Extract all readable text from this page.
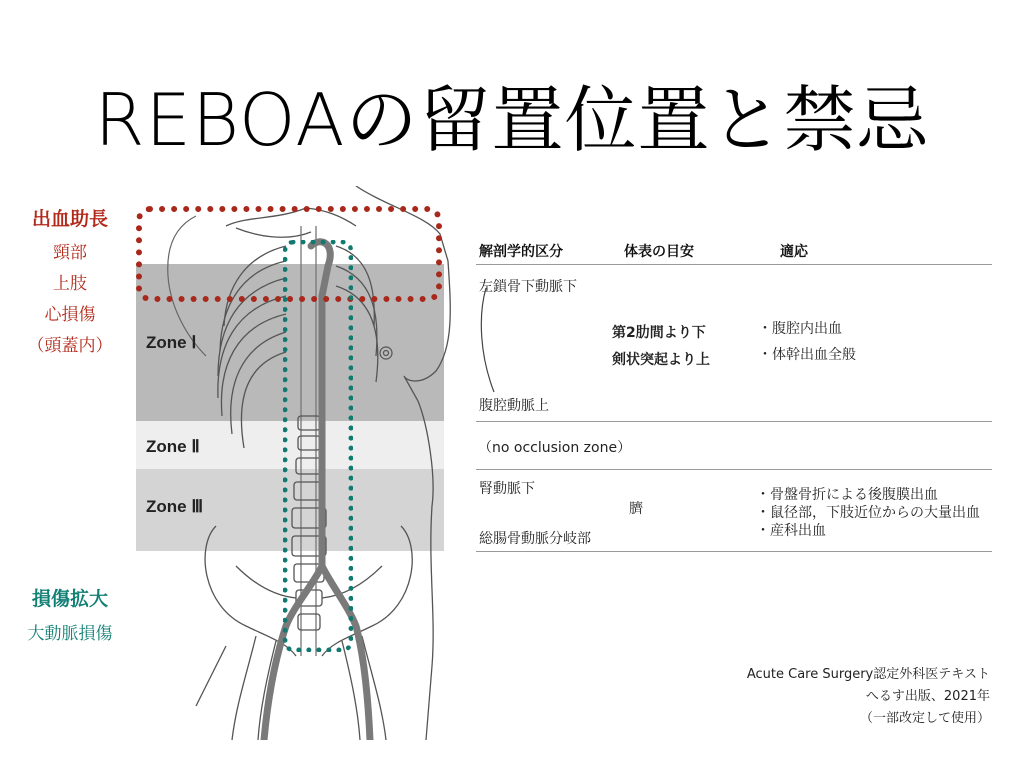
REBOAの留置位置と禁忌
Zone Ⅰ
Zone Ⅱ
Zone Ⅲ
出血助長
頸部
上肢
心損傷
（頭蓋内）
損傷拡大
大動脈損傷
解剖学的区分	体表の目安	適応
左鎖骨下動脈下
腹腔動脈上
第2肋間より下
剣状突起より上
・腹腔内出血
・体幹出血全般
（no occlusion zone）
腎動脈下
総腸骨動脈分岐部
臍
・骨盤骨折による後腹膜出血
・鼠径部，下肢近位からの大量出血
・産科出血
Acute Care Surgery認定外科医テキスト
へるす出版、2021年
（一部改定して使用）
